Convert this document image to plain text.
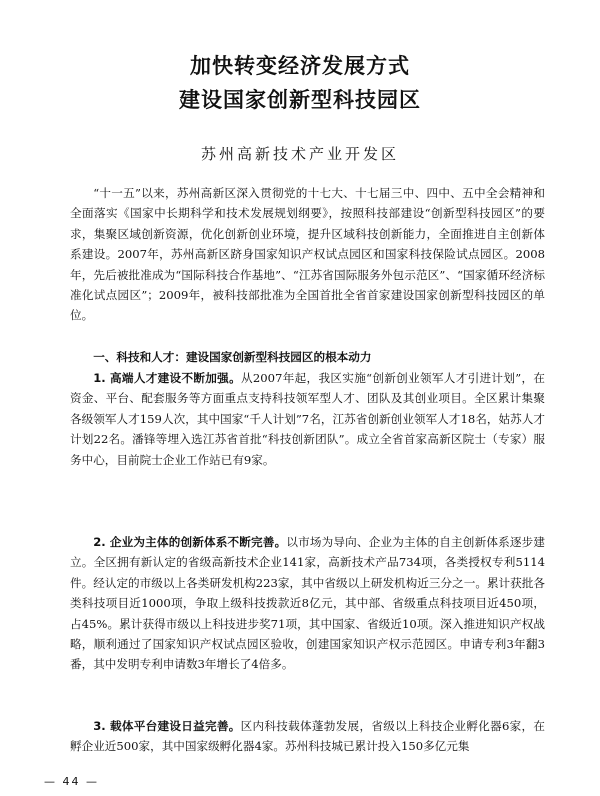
加快转变经济发展方式
建设国家创新型科技园区

苏州高新技术产业开发区

“十一五”以来，苏州高新区深入贯彻党的十七大、十七届三中、四中、五中全会精神和全面落实《国家中长期科学和技术发展规划纲要》，按照科技部建设“创新型科技园区”的要求，集聚区域创新资源，优化创新创业环境，提升区域科技创新能力，全面推进自主创新体系建设。2007年，苏州高新区跻身国家知识产权试点园区和国家科技保险试点园区。2008年，先后被批准成为“国际科技合作基地”、“江苏省国际服务外包示范区”、“国家循环经济标准化试点园区”；2009年，被科技部批准为全国首批全省首家建设国家创新型科技园区的单位。

一、科技和人才：建设国家创新型科技园区的根本动力

1. 高端人才建设不断加强。从2007年起，我区实施“创新创业领军人才引进计划”，在资金、平台、配套服务等方面重点支持科技领军型人才、团队及其创业项目。全区累计集聚各级领军人才159人次，其中国家“千人计划”7名，江苏省创新创业领军人才18名，姑苏人才计划22名。潘锋等埋入选江苏省首批“科技创新团队”。成立全省首家高新区院士（专家）服务中心，目前院士企业工作站已有9家。

2. 企业为主体的创新体系不断完善。以市场为导向、企业为主体的自主创新体系逐步建立。全区拥有新认定的省级高新技术企业141家，高新技术产品734项，各类授权专利5114件。经认定的市级以上各类研发机构223家，其中省级以上研发机构近三分之一。累计获批各类科技项目近1000项，争取上级科技拨款近8亿元，其中部、省级重点科技项目近450项，占45%。累计获得市级以上科技进步奖71项，其中国家、省级近10项。深入推进知识产权战略，顺利通过了国家知识产权试点园区验收，创建国家知识产权示范园区。申请专利3年翻3番，其中发明专利申请数3年增长了4倍多。

3. 载体平台建设日益完善。区内科技载体蓬勃发展，省级以上科技企业孵化器6家，在孵企业近500家，其中国家级孵化器4家。苏州科技城已累计投入150多亿元集

— 44 —
